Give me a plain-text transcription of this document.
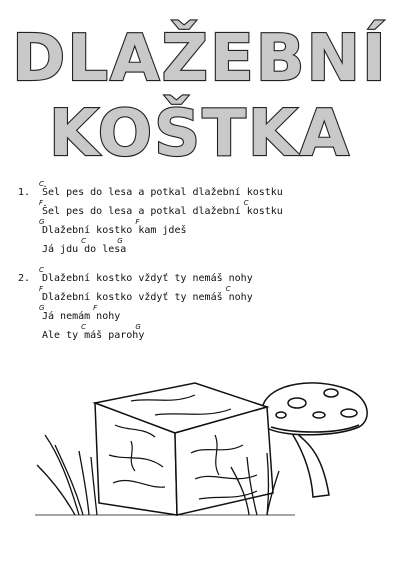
DLAŽEBNÍ
KOŠTKA
1. Šel pes do lesa a potkal dlažební kostku
C
Šel pes do lesa a potkal dlažební kostku
F	C
Dlažební kostko kam jdeš
G	F
Já jdu do lesa
C	G
2. Dlažební kostko vždyť ty nemáš nohy
C
Dlažební kostko vždyť ty nemáš nohy
F	C
Já nemám nohy
G	F
Ale ty máš parohy
C	G
